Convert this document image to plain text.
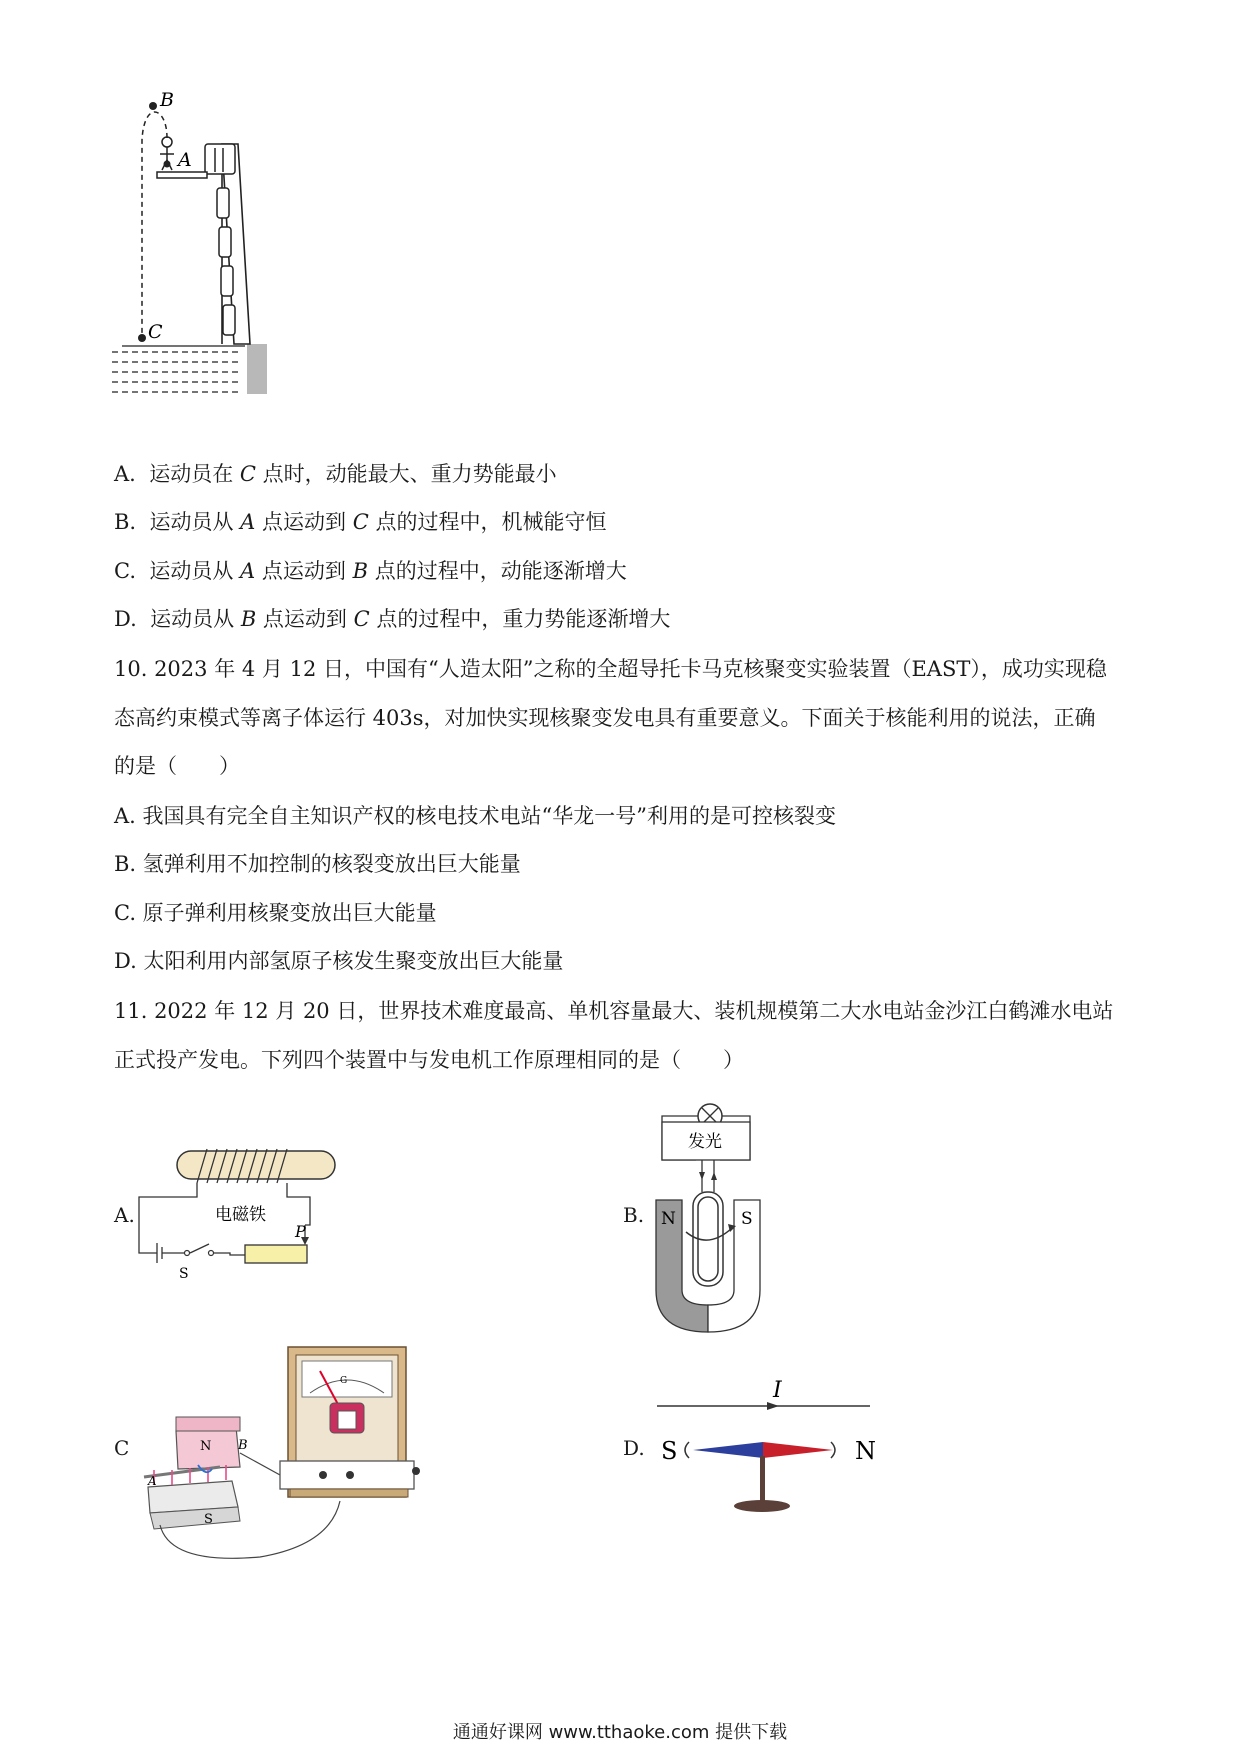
B
A
C
A. 运动员在 C 点时，动能最大、重力势能最小
B. 运动员从 A 点运动到 C 点的过程中，机械能守恒
C. 运动员从 A 点运动到 B 点的过程中，动能逐渐增大
D. 运动员从 B 点运动到 C 点的过程中，重力势能逐渐增大
10. 2023 年 4 月 12 日，中国有“人造太阳”之称的全超导托卡马克核聚变实验装置（EAST），成功实现稳
态高约束模式等离子体运行 403s，对加快实现核聚变发电具有重要意义。下面关于核能利用的说法，正确
的是（　　）
A. 我国具有完全自主知识产权的核电技术电站“华龙一号”利用的是可控核裂变
B. 氢弹利用不加控制的核裂变放出巨大能量
C. 原子弹利用核聚变放出巨大能量
D. 太阳利用内部氢原子核发生聚变放出巨大能量
11. 2022 年 12 月 20 日，世界技术难度最高、单机容量最大、装机规模第二大水电站金沙江白鹤滩水电站
正式投产发电。下列四个装置中与发电机工作原理相同的是（　　）
A.	电磁铁
S
P
B.
发光
N	S
C	N
S
A
B
G
D.
I
S	N
通通好课网 www.tthaoke.com 提供下载
